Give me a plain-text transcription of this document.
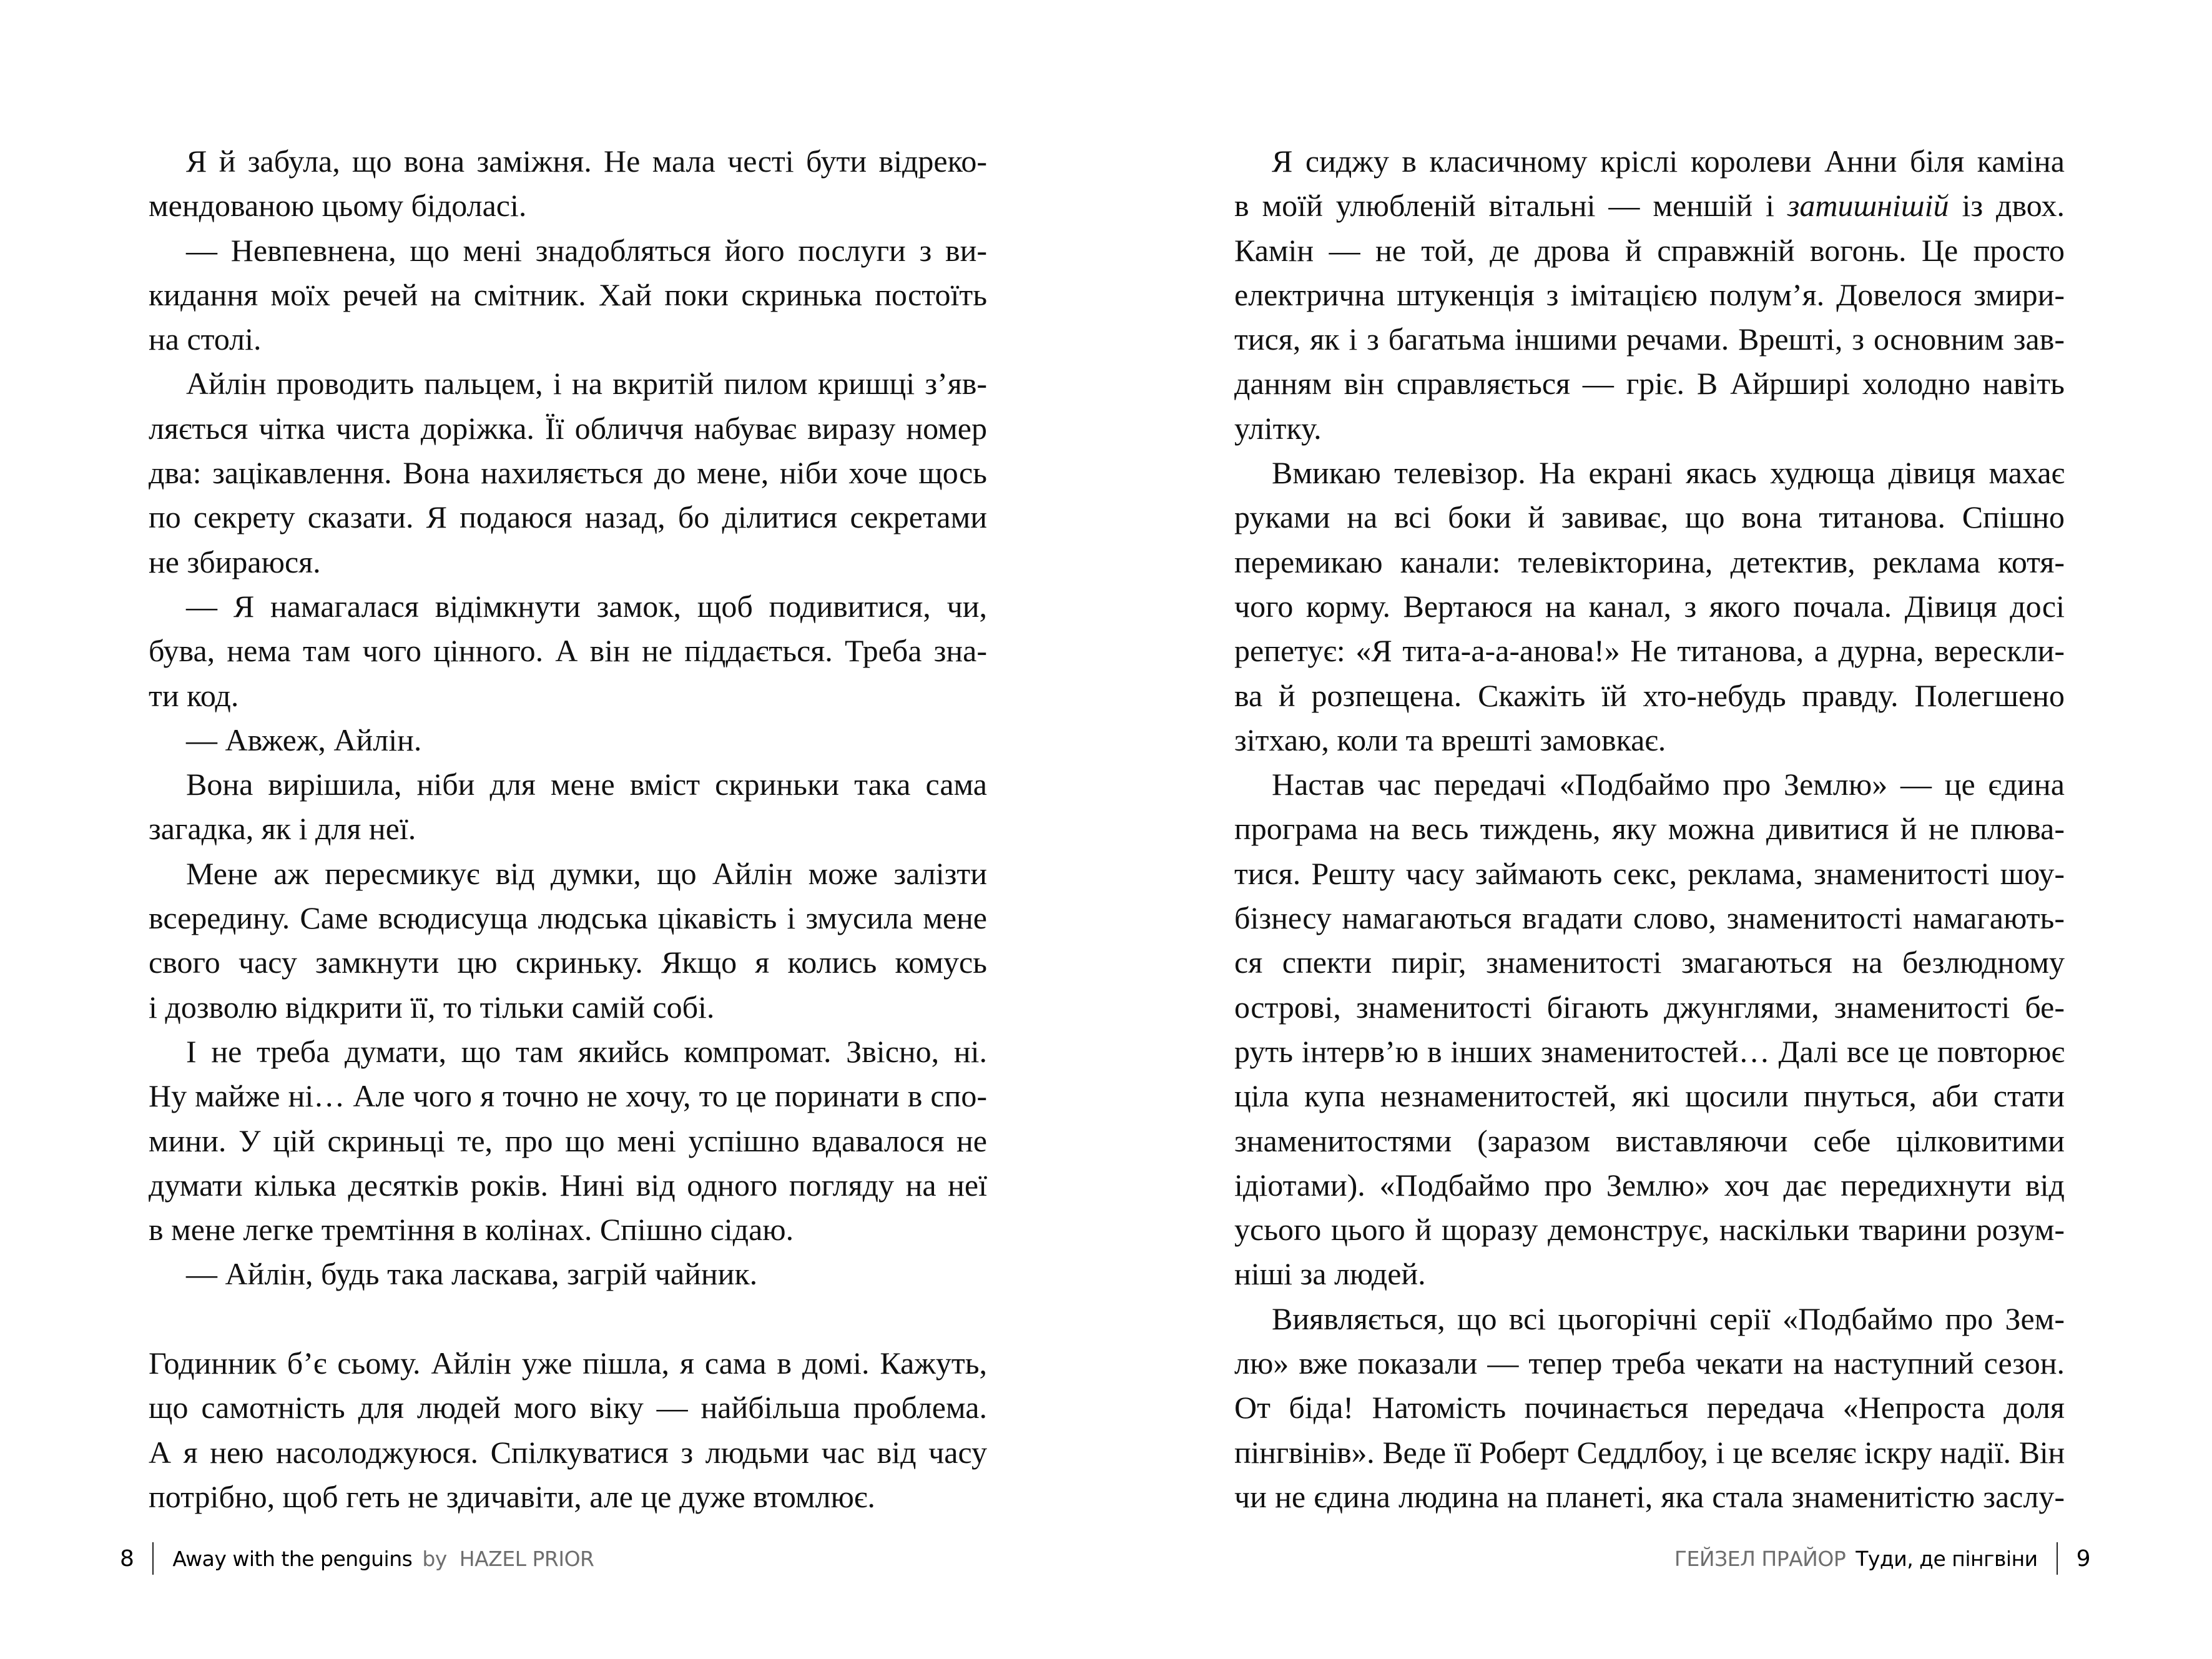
Я й забула, що вона заміжня. Не мала честі бути відреко-
мендованою цьому бідоласі.
— Невпевнена, що мені знадобляться його послуги з ви-
кидання моїх речей на смітник. Хай поки скринька постоїть
на столі.
Айлін проводить пальцем, і на вкритій пилом кришці з’яв-
ляється чітка чиста доріжка. Її обличчя набуває виразу номер
два: зацікавлення. Вона нахиляється до мене, ніби хоче щось
по секрету сказати. Я подаюся назад, бо ділитися секретами
не збираюся.
— Я намагалася відімкнути замок, щоб подивитися, чи,
бува, нема там чого цінного. А він не піддається. Треба зна-
ти код.
— Авжеж, Айлін.
Вона вирішила, ніби для мене вміст скриньки така сама
загадка, як і для неї.
Мене аж пересмикує від думки, що Айлін може залізти
всередину. Саме всюдисуща людська цікавість і змусила мене
свого часу замкнути цю скриньку. Якщо я колись комусь
і дозволю відкрити її, то тільки самій собі.
І не треба думати, що там якийсь компромат. Звісно, ні.
Ну майже ні… Але чого я точно не хочу, то це поринати в спо-
мини. У цій скриньці те, про що мені успішно вдавалося не
думати кілька десятків років. Нині від одного погляду на неї
в мене легке тремтіння в колінах. Спішно сідаю.
— Айлін, будь така ласкава, загрій чайник.
Годинник б’є сьому. Айлін уже пішла, я сама в домі. Кажуть,
що самотність для людей мого віку — найбільша проблема.
А я нею насолоджуюся. Спілкуватися з людьми час від часу
потрібно, щоб геть не здичавіти, але це дуже втомлює.
8 Away with the penguins by  HAZEL PRIOR
Я сиджу в класичному кріслі королеви Анни біля каміна
в моїй улюбленій вітальні — меншій і затишнішій із двох.
Камін — не той, де дрова й справжній вогонь. Це просто
електрична штукенція з імітацією полум’я. Довелося змири-
тися, як і з багатьма іншими речами. Врешті, з основним зав-
данням він справляється — гріє. В Айрширі холодно навіть
улітку.
Вмикаю телевізор. На екрані якась худюща дівиця махає
руками на всі боки й завиває, що вона титанова. Спішно
перемикаю канали: телевікторина, детектив, реклама котя-
чого корму. Вертаюся на канал, з якого почала. Дівиця досі
репетує: «Я тита-а-а-анова!» Не титанова, а дурна, верескли-
ва й розпещена. Скажіть їй хто-небудь правду. Полегшено
зітхаю, коли та врешті замовкає.
Настав час передачі «Подбаймо про Землю» — це єдина
програма на весь тиждень, яку можна дивитися й не плюва-
тися. Решту часу займають секс, реклама, знаменитості шоу-
бізнесу намагаються вгадати слово, знаменитості намагають-
ся спекти пиріг, знаменитості змагаються на безлюдному
острові, знаменитості бігають джунглями, знаменитості бе-
руть інтерв’ю в інших знаменитостей… Далі все це повторює
ціла купа незнаменитостей, які щосили пнуться, аби стати
знаменитостями (заразом виставляючи себе цілковитими
ідіотами). «Подбаймо про Землю» хоч дає передихнути від
усього цього й щоразу демонструє, наскільки тварини розум-
ніші за людей.
Виявляється, що всі цьогорічні серії «Подбаймо про Зем-
лю» вже показали — тепер треба чекати на наступний сезон.
От біда! Натомість починається передача «Непроста доля
пінгвінів». Веде її Роберт Седдлбоу, і це вселяє іскру надії. Він
чи не єдина людина на планеті, яка стала знаменитістю заслу-
ГЕЙЗЕЛ ПРАЙОР Туди, де пінгвіни 9
